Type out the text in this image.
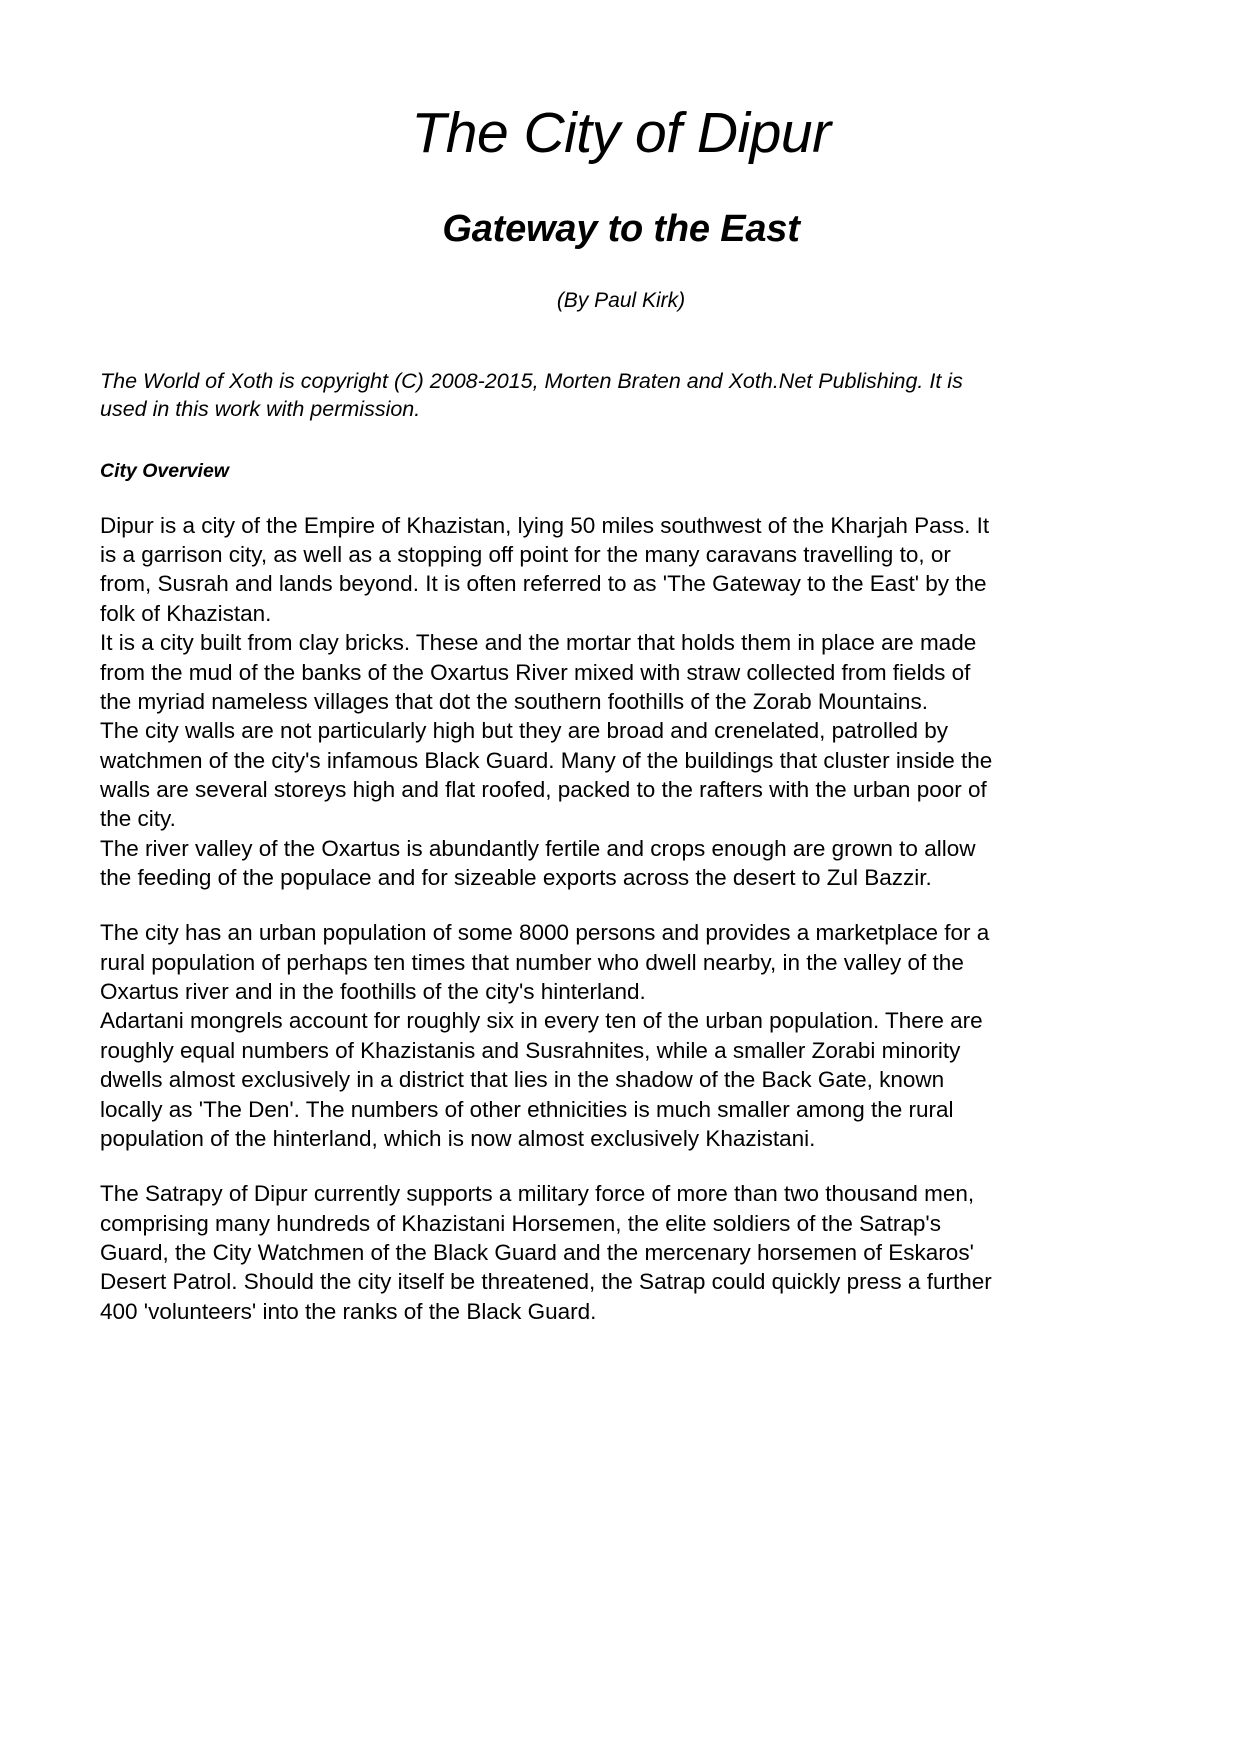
The City of Dipur
Gateway to the East

(By Paul Kirk)

The World of Xoth is copyright (C) 2008-2015, Morten Braten and Xoth.Net Publishing. It is used in this work with permission.

City Overview

Dipur is a city of the Empire of Khazistan, lying 50 miles southwest of the Kharjah Pass. It is a garrison city, as well as a stopping off point for the many caravans travelling to, or from, Susrah and lands beyond. It is often referred to as 'The Gateway to the East' by the folk of Khazistan.
It is a city built from clay bricks. These and the mortar that holds them in place are made from the mud of the banks of the Oxartus River mixed with straw collected from fields of the myriad nameless villages that dot the southern foothills of the Zorab Mountains.
The city walls are not particularly high but they are broad and crenelated, patrolled by watchmen of the city's infamous Black Guard. Many of the buildings that cluster inside the walls are several storeys high and flat roofed, packed to the rafters with the urban poor of the city.
The river valley of the Oxartus is abundantly fertile and crops enough are grown to allow the feeding of the populace and for sizeable exports across the desert to Zul Bazzir.

The city has an urban population of some 8000 persons and provides a marketplace for a rural population of perhaps ten times that number who dwell nearby, in the valley of the Oxartus river and in the foothills of the city's hinterland.
Adartani mongrels account for roughly six in every ten of the urban population. There are roughly equal numbers of Khazistanis and Susrahnites, while a smaller Zorabi minority dwells almost exclusively in a district that lies in the shadow of the Back Gate, known locally as 'The Den'. The numbers of other ethnicities is much smaller among the rural population of the hinterland, which is now almost exclusively Khazistani.

The Satrapy of Dipur currently supports a military force of more than two thousand men, comprising many hundreds of Khazistani Horsemen, the elite soldiers of the Satrap's Guard, the City Watchmen of the Black Guard and the mercenary horsemen of Eskaros' Desert Patrol. Should the city itself be threatened, the Satrap could quickly press a further 400 'volunteers' into the ranks of the Black Guard.
